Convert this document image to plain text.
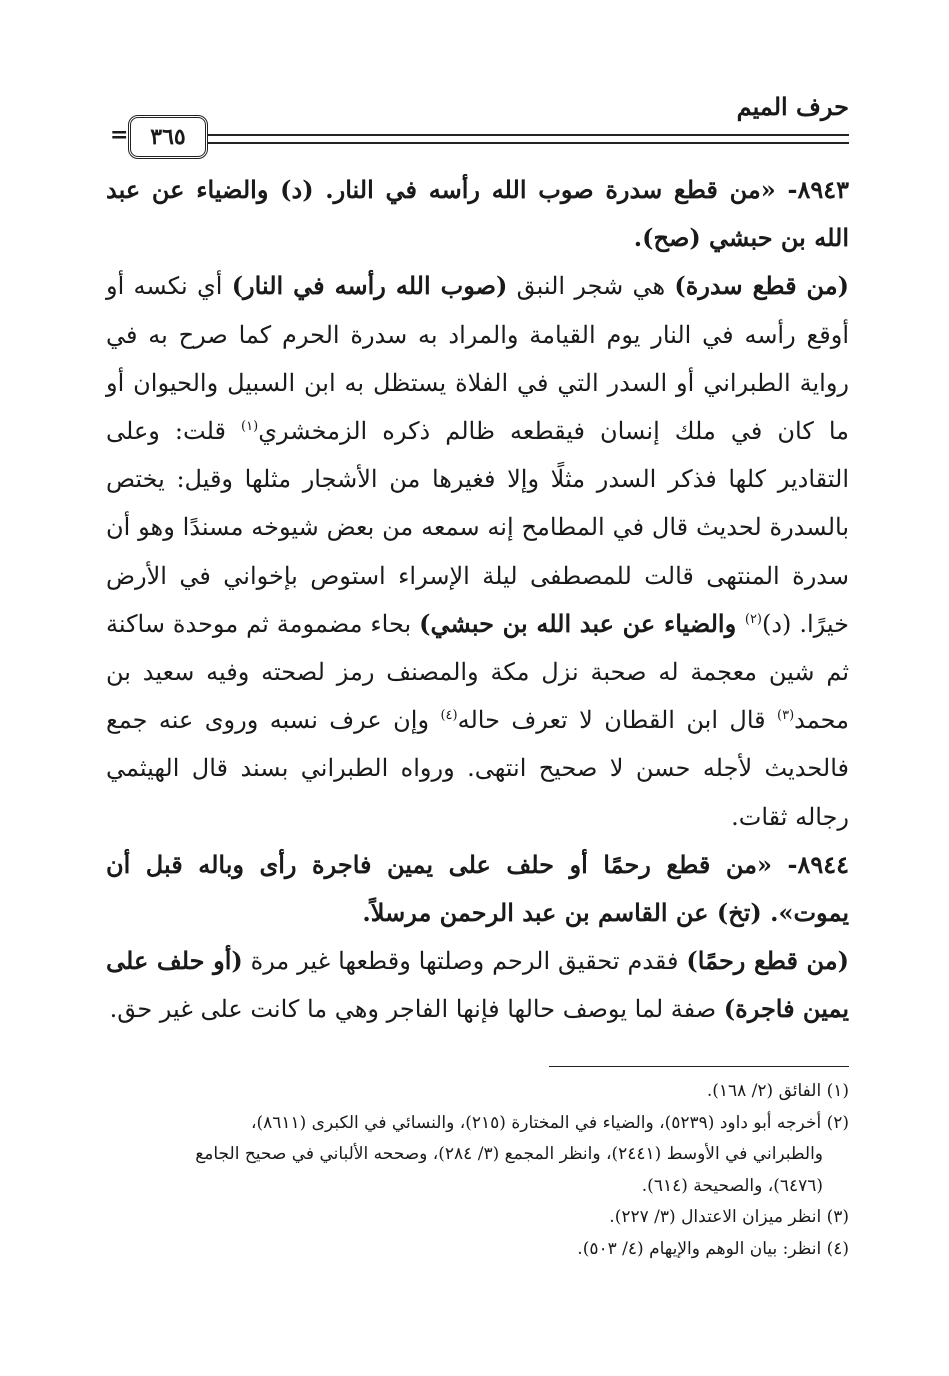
حرف الميم
٣٦٥
=

٨٩٤٣- «من قطع سدرة صوب الله رأسه في النار. (د) والضياء عن عبد الله بن حبشي (صح).

(من قطع سدرة) هي شجر النبق (صوب الله رأسه في النار) أي نكسه أو أوقع رأسه في النار يوم القيامة والمراد به سدرة الحرم كما صرح به في رواية الطبراني أو السدر التي في الفلاة يستظل به ابن السبيل والحيوان أو ما كان في ملك إنسان فيقطعه ظالم ذكره الزمخشري$^{(١)}$ قلت: وعلى التقادير كلها فذكر السدر مثلًا وإلا فغيرها من الأشجار مثلها وقيل: يختص بالسدرة لحديث قال في المطامح إنه سمعه من بعض شيوخه مسندًا وهو أن سدرة المنتهى قالت للمصطفى ليلة الإسراء استوص بإخواني في الأرض خيرًا. (د)$^{(٢)}$ والضياء عن عبد الله بن حبشي) بحاء مضمومة ثم موحدة ساكنة ثم شين معجمة له صحبة نزل مكة والمصنف رمز لصحته وفيه سعيد بن محمد$^{(٣)}$ قال ابن القطان لا تعرف حاله$^{(٤)}$ وإن عرف نسبه وروى عنه جمع فالحديث لأجله حسن لا صحيح انتهى. ورواه الطبراني بسند قال الهيثمي رجاله ثقات.

٨٩٤٤- «من قطع رحمًا أو حلف على يمين فاجرة رأى وباله قبل أن يموت». (تخ) عن القاسم بن عبد الرحمن مرسلاً.

(من قطع رحمًا) فقدم تحقيق الرحم وصلتها وقطعها غير مرة (أو حلف على يمين فاجرة) صفة لما يوصف حالها فإنها الفاجر وهي ما كانت على غير حق.

(١) الفائق (٢/ ١٦٨).

(٢) أخرجه أبو داود (٥٢٣٩)، والضياء في المختارة (٢١٥)، والنسائي في الكبرى (٨٦١١)،

والطبراني في الأوسط (٢٤٤١)، وانظر المجمع (٣/ ٢٨٤)، وصححه الألباني في صحيح الجامع

(٦٤٧٦)، والصحيحة (٦١٤).

(٣) انظر ميزان الاعتدال (٣/ ٢٢٧).

(٤) انظر: بيان الوهم والإيهام (٤/ ٥٠٣).
